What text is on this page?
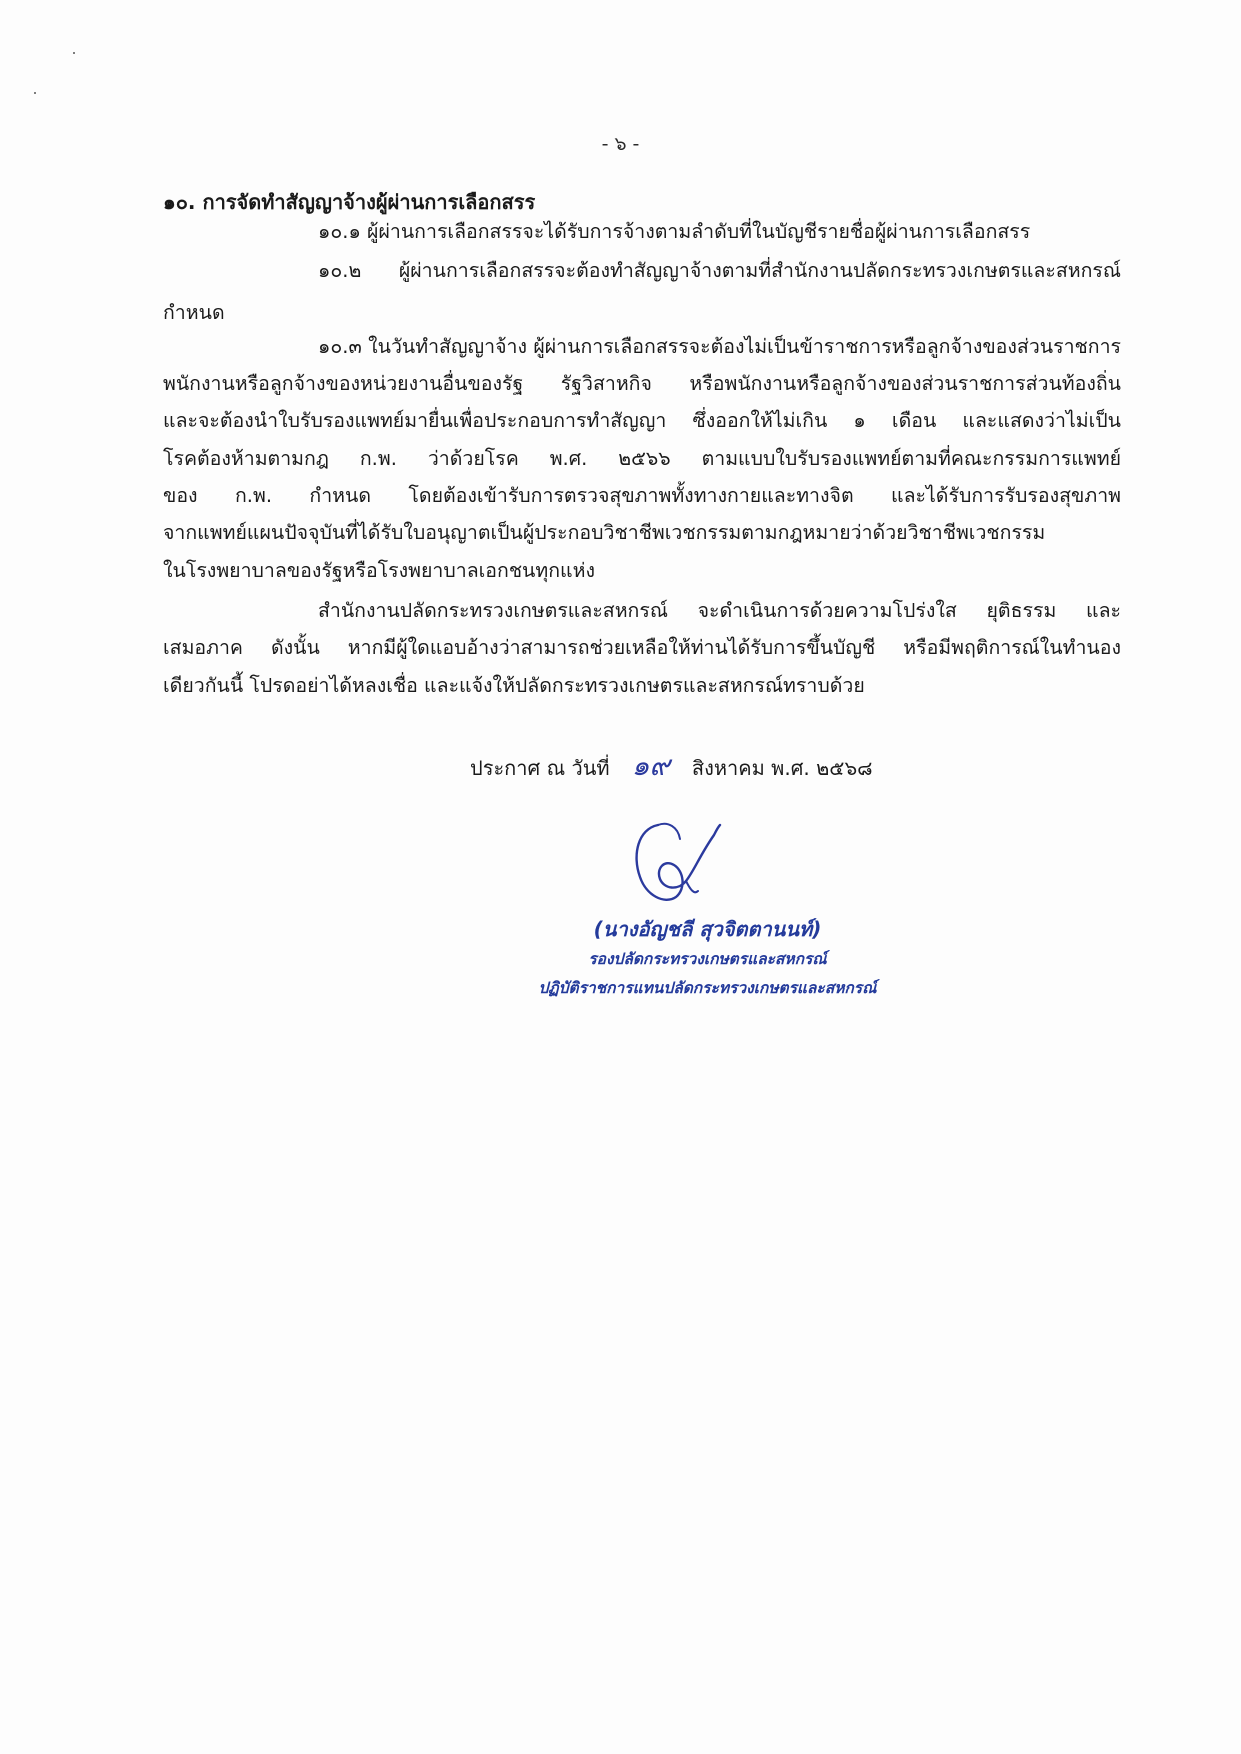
- ๖ -
๑๐. การจัดทำสัญญาจ้างผู้ผ่านการเลือกสรร
๑๐.๑ ผู้ผ่านการเลือกสรรจะได้รับการจ้างตามลำดับที่ในบัญชีรายชื่อผู้ผ่านการเลือกสรร
๑๐.๒ ผู้ผ่านการเลือกสรรจะต้องทำสัญญาจ้างตามที่สำนักงานปลัดกระทรวงเกษตรและสหกรณ์
กำหนด
๑๐.๓ ในวันทำสัญญาจ้าง ผู้ผ่านการเลือกสรรจะต้องไม่เป็นข้าราชการหรือลูกจ้างของส่วนราชการ
พนักงานหรือลูกจ้างของหน่วยงานอื่นของรัฐ รัฐวิสาหกิจ หรือพนักงานหรือลูกจ้างของส่วนราชการส่วนท้องถิ่น
และจะต้องนำใบรับรองแพทย์มายื่นเพื่อประกอบการทำสัญญา ซึ่งออกให้ไม่เกิน ๑ เดือน และแสดงว่าไม่เป็น
โรคต้องห้ามตามกฎ ก.พ. ว่าด้วยโรค พ.ศ. ๒๕๖๖ ตามแบบใบรับรองแพทย์ตามที่คณะกรรมการแพทย์
ของ ก.พ. กำหนด โดยต้องเข้ารับการตรวจสุขภาพทั้งทางกายและทางจิต และได้รับการรับรองสุขภาพ
จากแพทย์แผนปัจจุบันที่ได้รับใบอนุญาตเป็นผู้ประกอบวิชาชีพเวชกรรมตามกฎหมายว่าด้วยวิชาชีพเวชกรรม
ในโรงพยาบาลของรัฐหรือโรงพยาบาลเอกชนทุกแห่ง
สำนักงานปลัดกระทรวงเกษตรและสหกรณ์ จะดำเนินการด้วยความโปร่งใส ยุติธรรม และ
เสมอภาค ดังนั้น หากมีผู้ใดแอบอ้างว่าสามารถช่วยเหลือให้ท่านได้รับการขึ้นบัญชี หรือมีพฤติการณ์ในทำนอง
เดียวกันนี้ โปรดอย่าได้หลงเชื่อ และแจ้งให้ปลัดกระทรวงเกษตรและสหกรณ์ทราบด้วย
ประกาศ ณ วันที่ ๑๙	สิงหาคม พ.ศ. ๒๕๖๘
(นางอัญชลี สุวจิตตานนท์)
รองปลัดกระทรวงเกษตรและสหกรณ์
ปฏิบัติราชการแทนปลัดกระทรวงเกษตรและสหกรณ์
